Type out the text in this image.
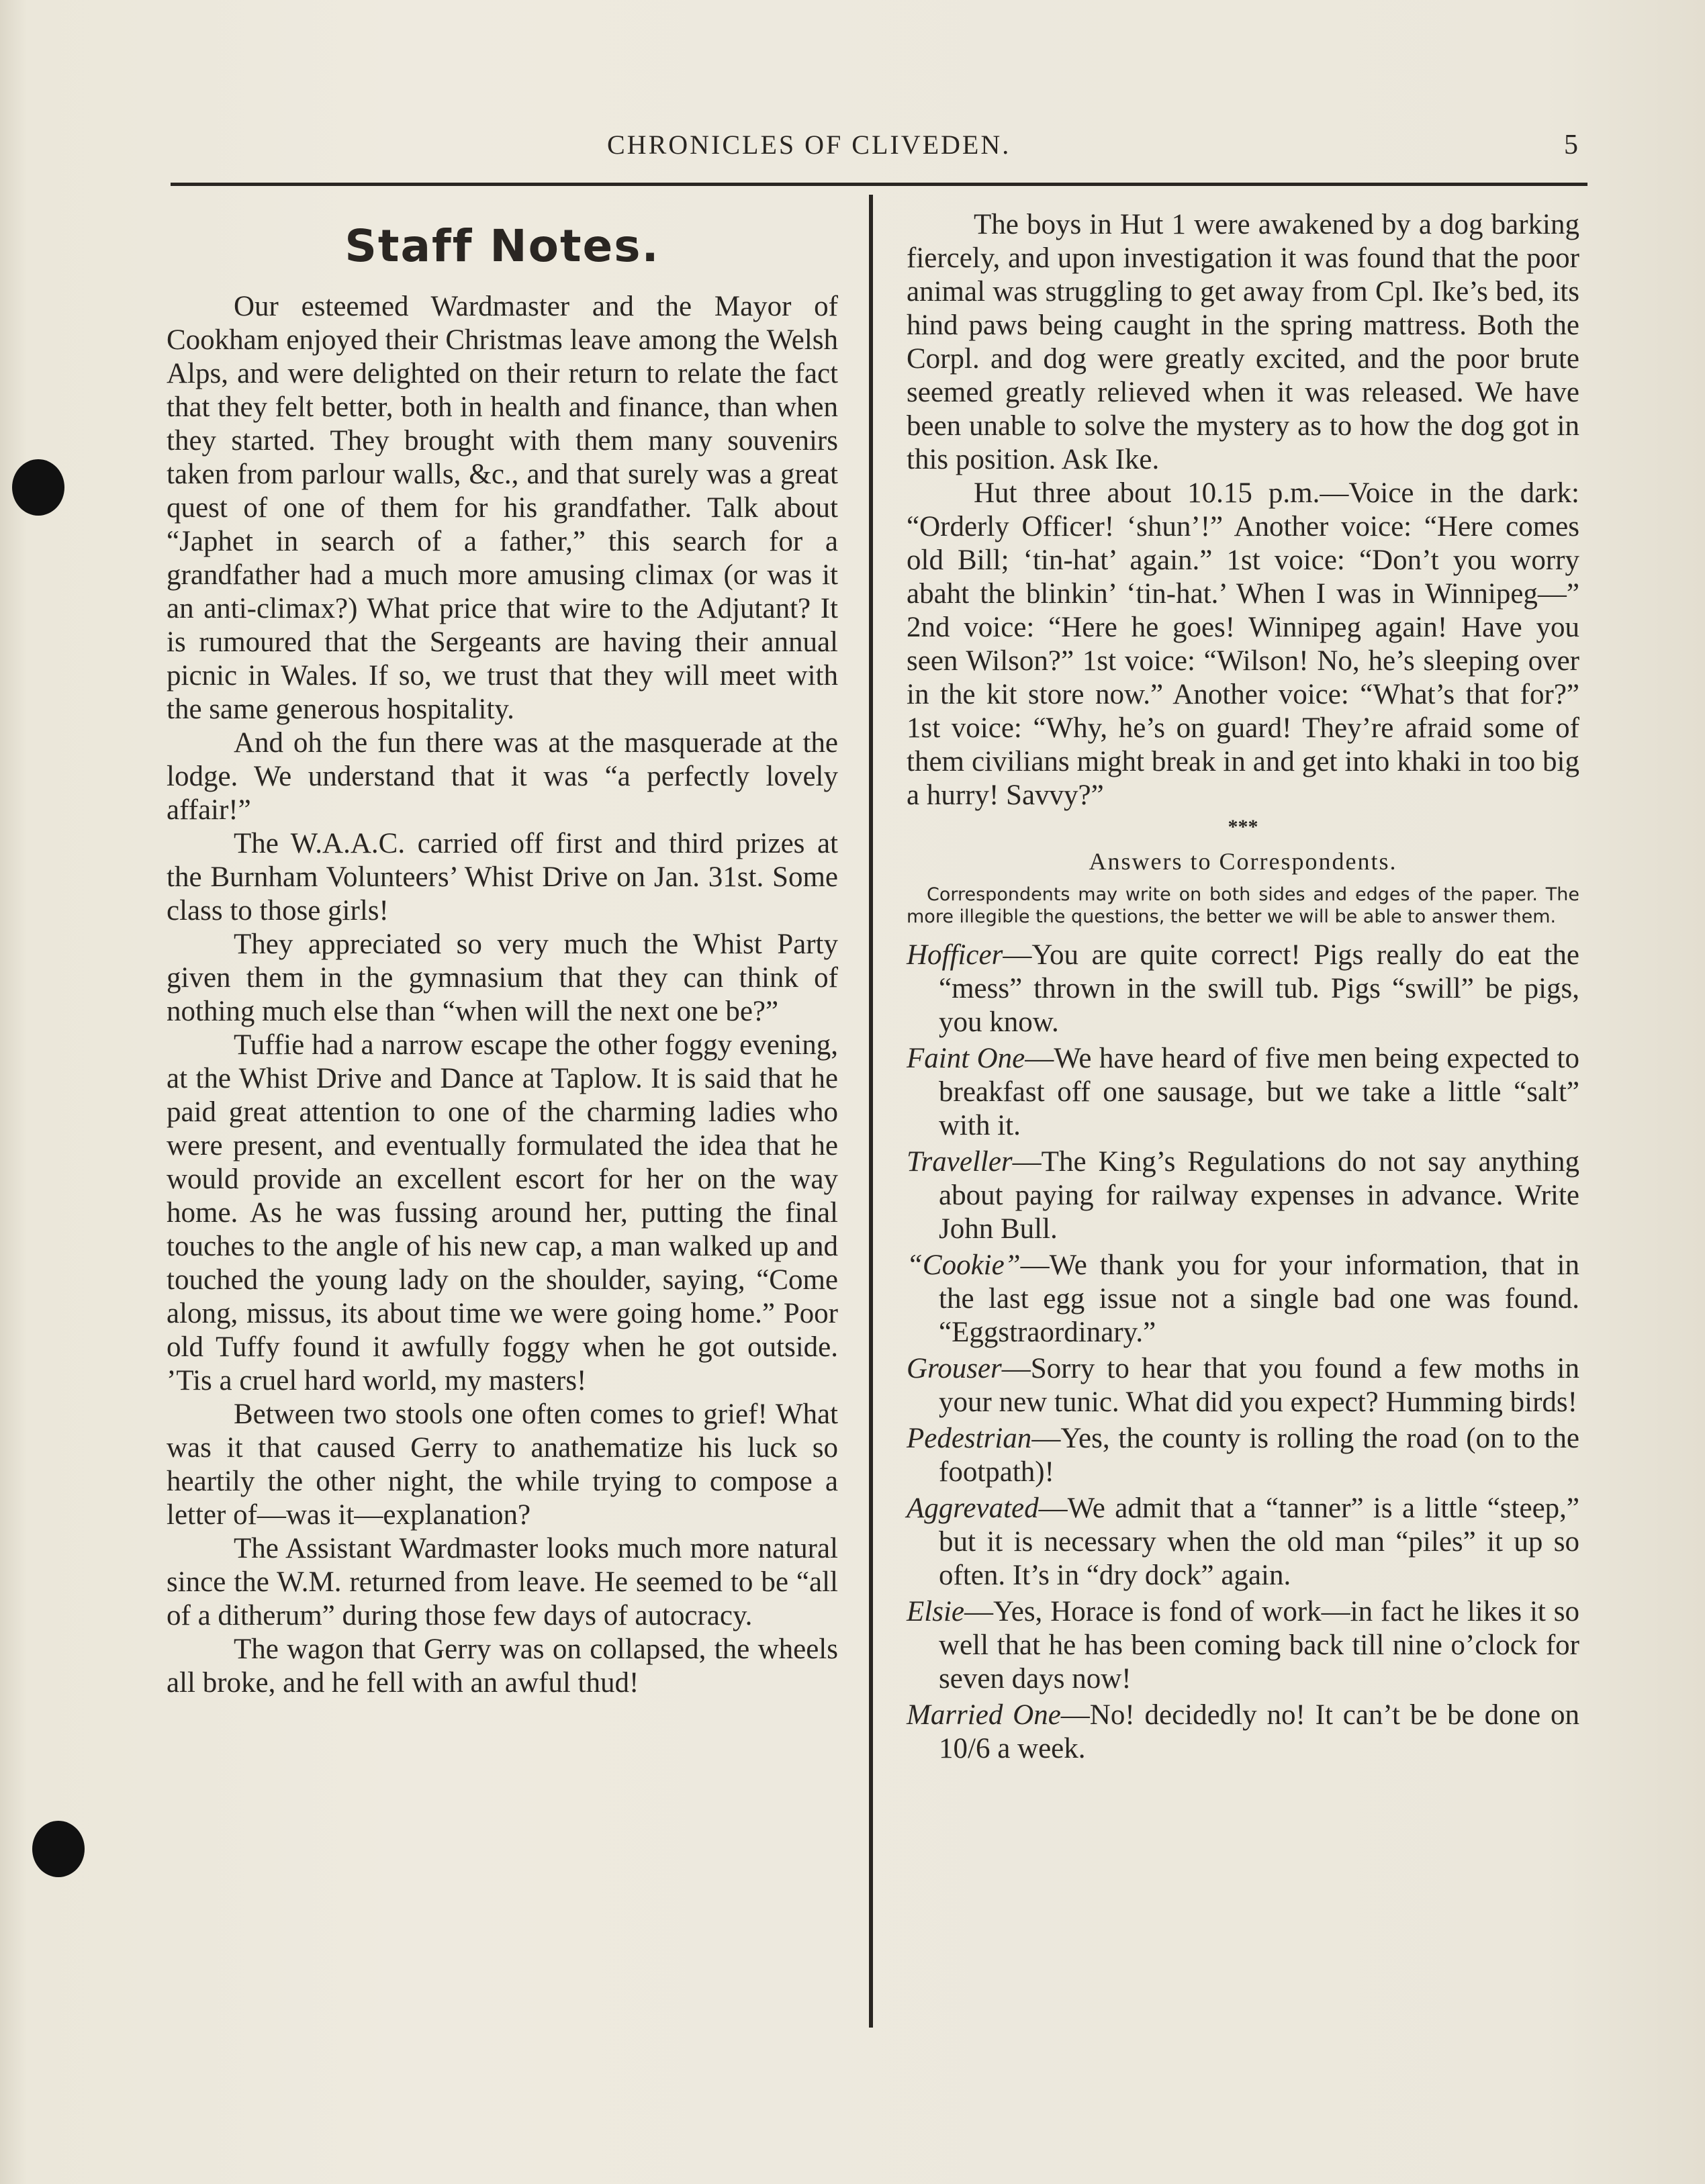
CHRONICLES OF CLIVEDEN.	5
Staff Notes.

Our esteemed Wardmaster and the Mayor of Cookham enjoyed their Christmas leave among the Welsh Alps, and were delighted on their return to relate the fact that they felt better, both in health and finance, than when they started. They brought with them many souvenirs taken from parlour walls, &c., and that surely was a great quest of one of them for his grandfather. Talk about “Japhet in search of a father,” this search for a grandfather had a much more amusing climax (or was it an anti-climax?) What price that wire to the Adjutant? It is rumoured that the Sergeants are having their annual picnic in Wales. If so, we trust that they will meet with the same generous hospitality.

And oh the fun there was at the masquerade at the lodge. We understand that it was “a perfectly lovely affair!”

The W.A.A.C. carried off first and third prizes at the Burnham Volunteers’ Whist Drive on Jan. 31st. Some class to those girls!

They appreciated so very much the Whist Party given them in the gymnasium that they can think of nothing much else than “when will the next one be?”

Tuffie had a narrow escape the other foggy evening, at the Whist Drive and Dance at Taplow. It is said that he paid great attention to one of the charming ladies who were present, and eventually formulated the idea that he would provide an excellent escort for her on the way home. As he was fussing around her, putting the final touches to the angle of his new cap, a man walked up and touched the young lady on the shoulder, saying, “Come along, missus, its about time we were going home.” Poor old Tuffy found it awfully foggy when he got outside. ’Tis a cruel hard world, my masters!

Between two stools one often comes to grief! What was it that caused Gerry to anathematize his luck so heartily the other night, the while trying to compose a letter of—was it—explanation?

The Assistant Wardmaster looks much more natural since the W.M. returned from leave. He seemed to be “all of a ditherum” during those few days of autocracy.

The wagon that Gerry was on collapsed, the wheels all broke, and he fell with an awful thud!

The boys in Hut 1 were awakened by a dog barking fiercely, and upon investigation it was found that the poor animal was struggling to get away from Cpl. Ike’s bed, its hind paws being caught in the spring mattress. Both the Corpl. and dog were greatly excited, and the poor brute seemed greatly relieved when it was released. We have been unable to solve the mystery as to how the dog got in this position. Ask Ike.

Hut three about 10.15 p.m.—Voice in the dark: “Orderly Officer! ‘shun’!” Another voice: “Here comes old Bill; ‘tin-hat’ again.” 1st voice: “Don’t you worry abaht the blinkin’ ‘tin-hat.’ When I was in Winnipeg—” 2nd voice: “Here he goes! Winnipeg again! Have you seen Wilson?” 1st voice: “Wilson! No, he’s sleeping over in the kit store now.” Another voice: “What’s that for?” 1st voice: “Why, he’s on guard! They’re afraid some of them civilians might break in and get into khaki in too big a hurry! Savvy?”

***
Answers to Correspondents.
Correspondents may write on both sides and edges of the paper. The more illegible the questions, the better we will be able to answer them.
Hofficer—You are quite correct! Pigs really do eat the “mess” thrown in the swill tub. Pigs “swill” be pigs, you know.
Faint One—We have heard of five men being expected to breakfast off one sausage, but we take a little “salt” with it.
Traveller—The King’s Regulations do not say anything about paying for railway expenses in advance. Write John Bull.
“Cookie”—We thank you for your information, that in the last egg issue not a single bad one was found. “Eggstraordinary.”
Grouser—Sorry to hear that you found a few moths in your new tunic. What did you expect? Humming birds!
Pedestrian—Yes, the county is rolling the road (on to the footpath)!
Aggrevated—We admit that a “tanner” is a little “steep,” but it is necessary when the old man “piles” it up so often. It’s in “dry dock” again.
Elsie—Yes, Horace is fond of work—in fact he likes it so well that he has been coming back till nine o’clock for seven days now!
Married One—No! decidedly no! It can’t be be done on 10/6 a week.
